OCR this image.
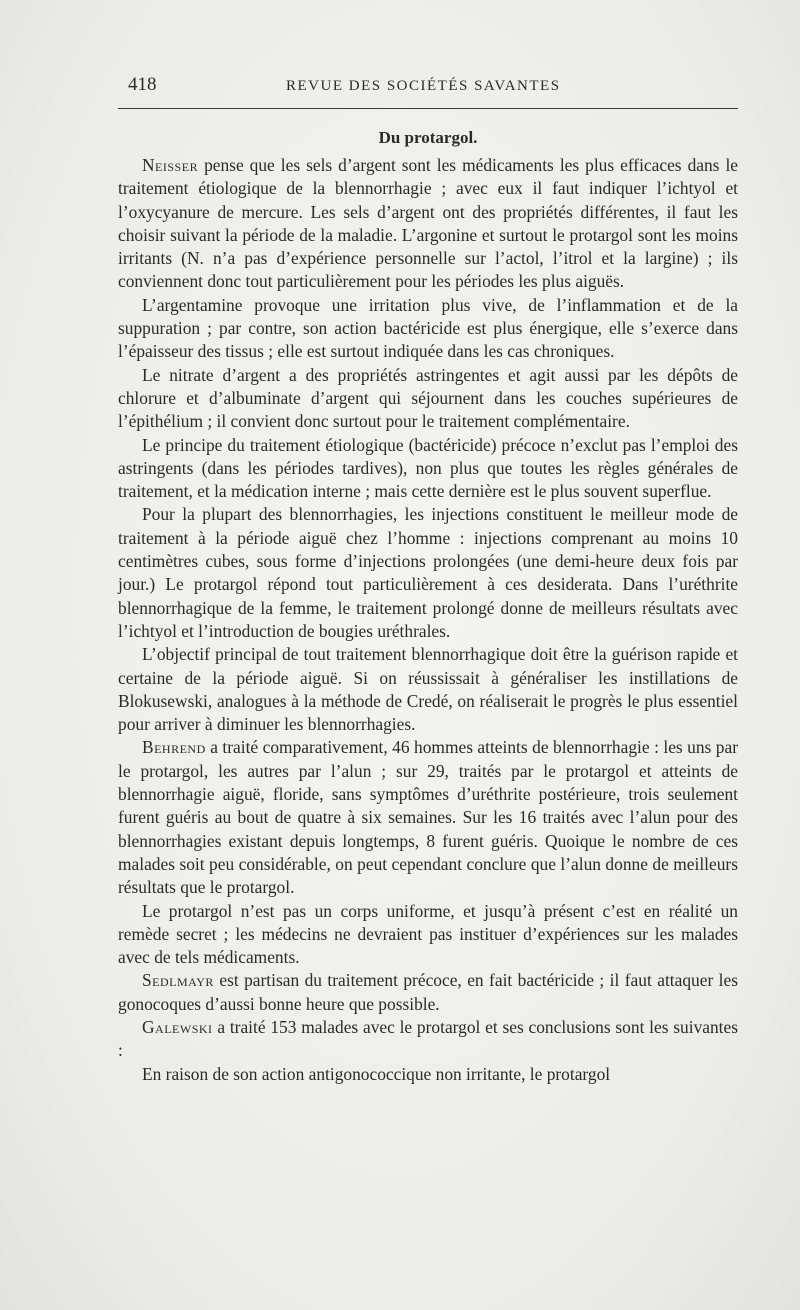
418	REVUE DES SOCIÉTÉS SAVANTES
Du protargol.

Neisser pense que les sels d’argent sont les médicaments les plus efficaces dans le traitement étiologique de la blennorrhagie ; avec eux il faut indiquer l’ichtyol et l’oxycyanure de mercure. Les sels d’argent ont des propriétés différentes, il faut les choisir suivant la période de la maladie. L’argonine et surtout le protargol sont les moins irritants (N. n’a pas d’expérience personnelle sur l’actol, l’itrol et la largine) ; ils conviennent donc tout particulièrement pour les périodes les plus aiguës.

L’argentamine provoque une irritation plus vive, de l’inflammation et de la suppuration ; par contre, son action bactéricide est plus énergique, elle s’exerce dans l’épaisseur des tissus ; elle est surtout indiquée dans les cas chroniques.

Le nitrate d’argent a des propriétés astringentes et agit aussi par les dépôts de chlorure et d’albuminate d’argent qui séjournent dans les couches supérieures de l’épithélium ; il convient donc surtout pour le traitement complémentaire.

Le principe du traitement étiologique (bactéricide) précoce n’exclut pas l’emploi des astringents (dans les périodes tardives), non plus que toutes les règles générales de traitement, et la médication interne ; mais cette dernière est le plus souvent superflue.

Pour la plupart des blennorrhagies, les injections constituent le meilleur mode de traitement à la période aiguë chez l’homme : injections comprenant au moins 10 centimètres cubes, sous forme d’injections prolongées (une demi-heure deux fois par jour.) Le protargol répond tout particulièrement à ces desiderata. Dans l’uréthrite blennorrhagique de la femme, le traitement prolongé donne de meilleurs résultats avec l’ichtyol et l’introduction de bougies uréthrales.

L’objectif principal de tout traitement blennorrhagique doit être la guérison rapide et certaine de la période aiguë. Si on réussissait à généraliser les instillations de Blokusewski, analogues à la méthode de Credé, on réaliserait le progrès le plus essentiel pour arriver à diminuer les blennorrhagies.

Behrend a traité comparativement, 46 hommes atteints de blennorrhagie : les uns par le protargol, les autres par l’alun ; sur 29, traités par le protargol et atteints de blennorrhagie aiguë, floride, sans symptômes d’uréthrite postérieure, trois seulement furent guéris au bout de quatre à six semaines. Sur les 16 traités avec l’alun pour des blennorrhagies existant depuis longtemps, 8 furent guéris. Quoique le nombre de ces malades soit peu considérable, on peut cependant conclure que l’alun donne de meilleurs résultats que le protargol.

Le protargol n’est pas un corps uniforme, et jusqu’à présent c’est en réalité un remède secret ; les médecins ne devraient pas instituer d’expériences sur les malades avec de tels médicaments.

Sedlmayr est partisan du traitement précoce, en fait bactéricide ; il faut attaquer les gonocoques d’aussi bonne heure que possible.

Galewski a traité 153 malades avec le protargol et ses conclusions sont les suivantes :

En raison de son action antigonococcique non irritante, le protargol
